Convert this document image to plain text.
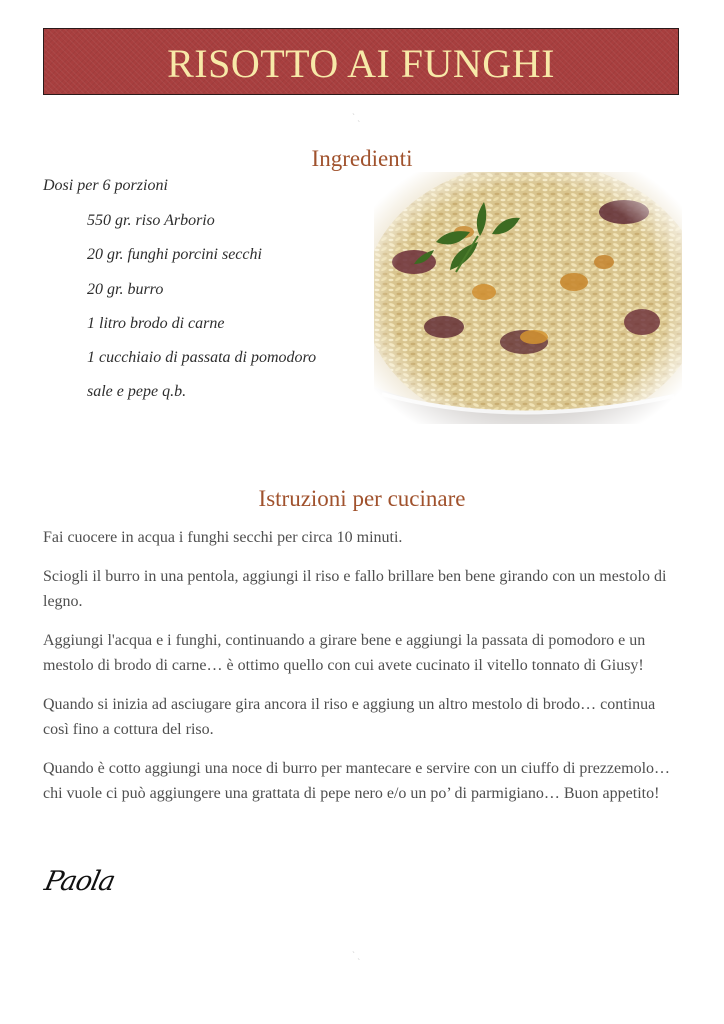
RISOTTO AI FUNGHI
` ˎ
Ingredienti
Dosi per 6 porzioni
550 gr. riso Arborio
20 gr. funghi porcini secchi
20 gr. burro
1 litro brodo di carne
1 cucchiaio di passata di pomodoro
sale e pepe q.b.
Istruzioni per cucinare

Fai cuocere in acqua i funghi secchi per circa 10 minuti.

Sciogli il burro in una pentola, aggiungi il riso e fallo brillare ben bene girando con un mestolo di legno.

Aggiungi l'acqua e i funghi, continuando a girare bene e aggiungi la passata di pomodoro e un mestolo di brodo di carne… è ottimo quello con cui avete cucinato il vitello tonnato di Giusy!

Quando si inizia ad asciugare gira ancora il riso e aggiung un altro mestolo di brodo… continua così fino a cottura del riso.

Quando è cotto aggiungi una noce di burro per mantecare e servire con un ciuffo di prezzemolo… chi vuole ci può aggiungere una grattata di pepe nero e/o un po’ di parmigiano… Buon appetito!

Paola
` ˎ
